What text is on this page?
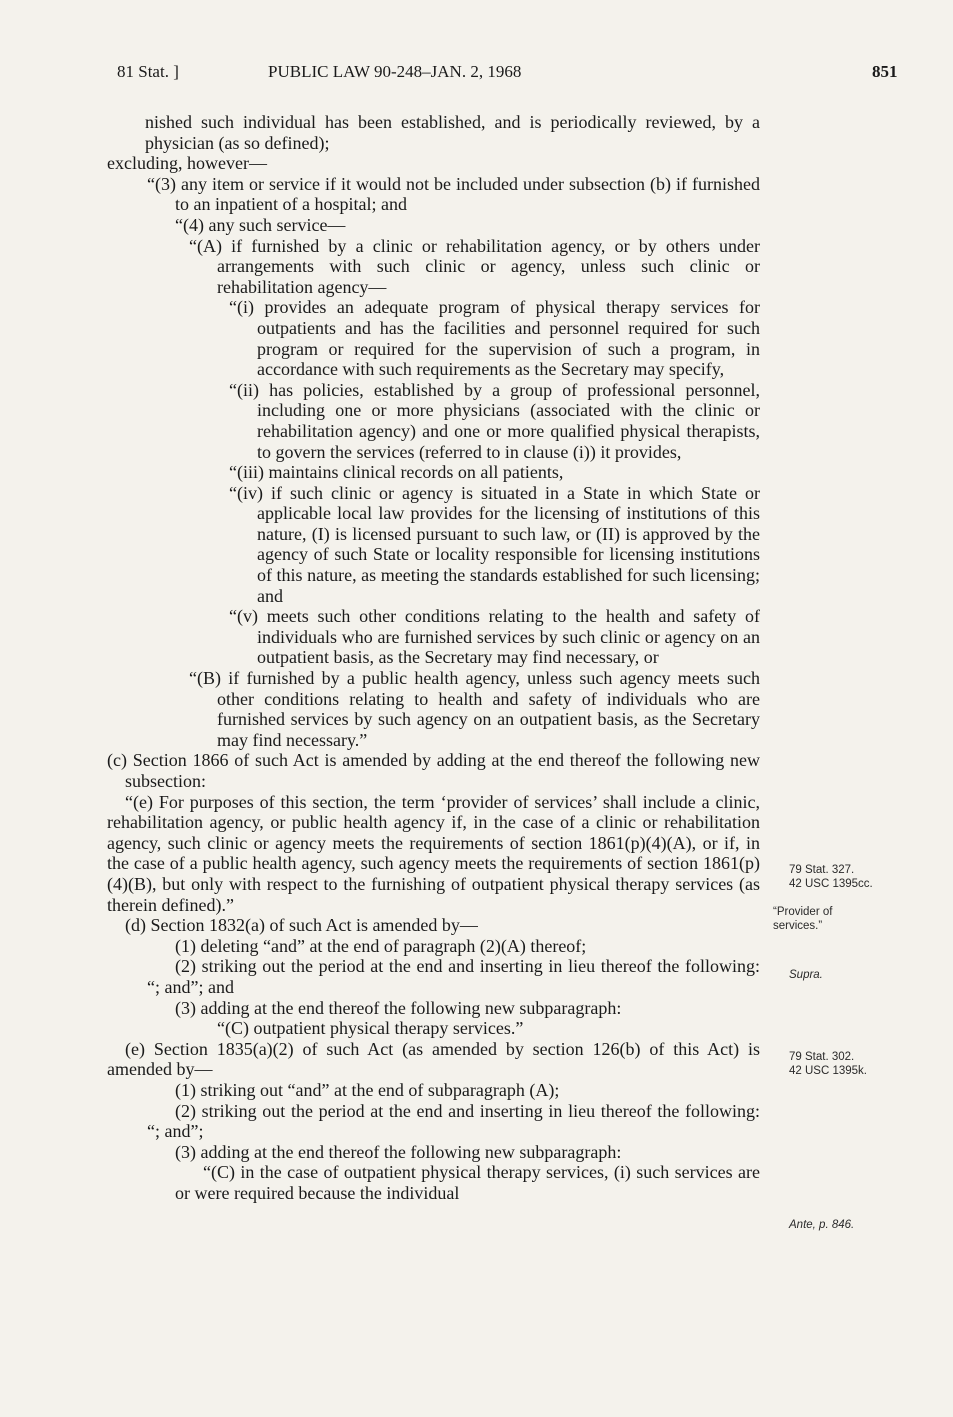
81 Stat. ]	PUBLIC LAW 90-248–JAN. 2, 1968	851

nished such individual has been established, and is periodically reviewed, by a physician (as so defined);

excluding, however—

“(3) any item or service if it would not be included under subsection (b) if furnished to an inpatient of a hospital; and

“(4) any such service—

“(A) if furnished by a clinic or rehabilitation agency, or by others under arrangements with such clinic or agency, unless such clinic or rehabilitation agency—

“(i) provides an adequate program of physical therapy services for outpatients and has the facilities and personnel required for such program or required for the supervision of such a program, in accordance with such requirements as the Secretary may specify,

“(ii) has policies, established by a group of professional personnel, including one or more physicians (associated with the clinic or rehabilitation agency) and one or more qualified physical therapists, to govern the services (referred to in clause (i)) it provides,

“(iii) maintains clinical records on all patients,

“(iv) if such clinic or agency is situated in a State in which State or applicable local law provides for the licensing of institutions of this nature, (I) is licensed pursuant to such law, or (II) is approved by the agency of such State or locality responsible for licensing institutions of this nature, as meeting the standards established for such licensing; and

“(v) meets such other conditions relating to the health and safety of individuals who are furnished services by such clinic or agency on an outpatient basis, as the Secretary may find necessary, or

“(B) if furnished by a public health agency, unless such agency meets such other conditions relating to health and safety of individuals who are furnished services by such agency on an outpatient basis, as the Secretary may find necessary.”

(c) Section 1866 of such Act is amended by adding at the end thereof the following new subsection:

“(e) For purposes of this section, the term ‘provider of services’ shall include a clinic, rehabilitation agency, or public health agency if, in the case of a clinic or rehabilitation agency, such clinic or agency meets the requirements of section 1861(p)(4)(A), or if, in the case of a public health agency, such agency meets the requirements of section 1861(p)(4)(B), but only with respect to the furnishing of outpatient physical therapy services (as therein defined).”

(d) Section 1832(a) of such Act is amended by—

(1) deleting “and” at the end of paragraph (2)(A) thereof;

(2) striking out the period at the end and inserting in lieu thereof the following: “; and”; and

(3) adding at the end thereof the following new subparagraph:

“(C) outpatient physical therapy services.”

(e) Section 1835(a)(2) of such Act (as amended by section 126(b) of this Act) is amended by—

(1) striking out “and” at the end of subparagraph (A);

(2) striking out the period at the end and inserting in lieu thereof the following: “; and”;

(3) adding at the end thereof the following new subparagraph:

“(C) in the case of outpatient physical therapy services, (i) such services are or were required because the individual

79 Stat. 327.
42 USC 1395cc.
“Provider of
services.”
Supra.
79 Stat. 302.
42 USC 1395k.
Ante, p. 846.
